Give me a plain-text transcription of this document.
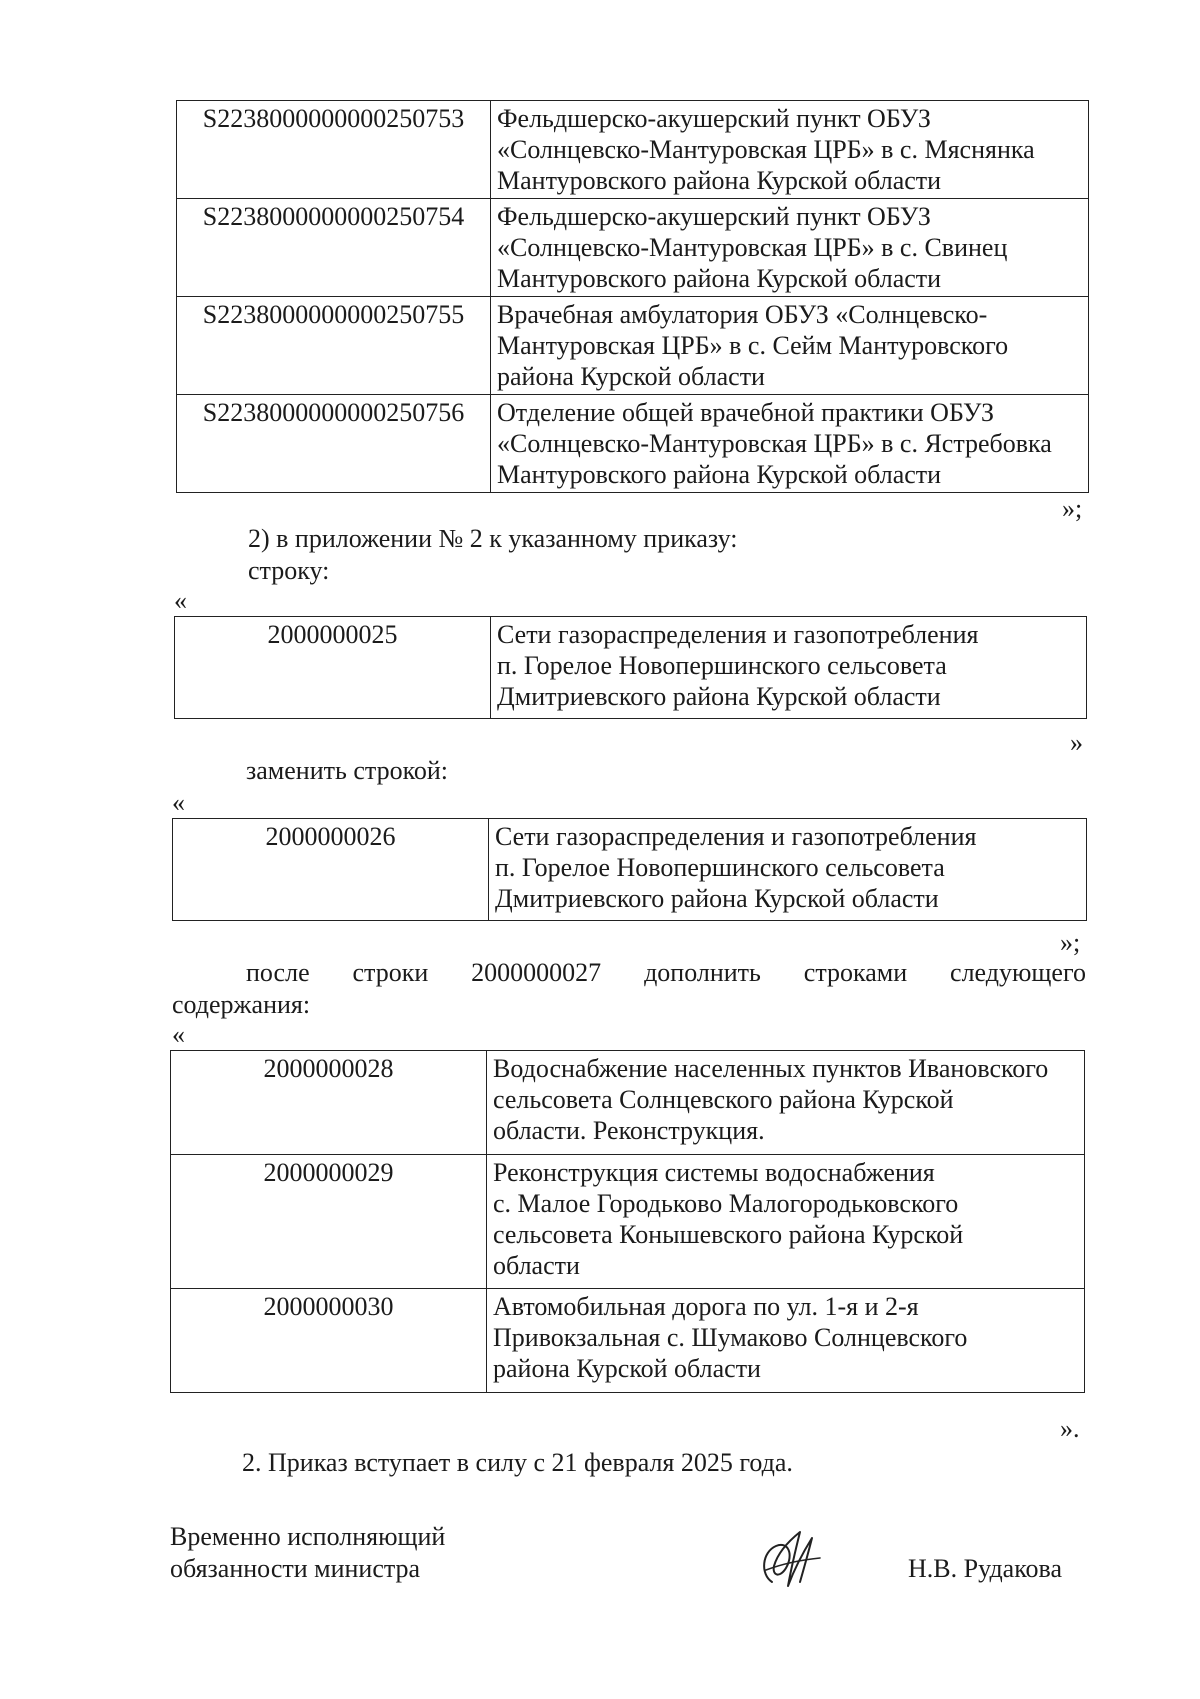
S2238000000000250753	Фельдшерско-акушерский пункт ОБУЗ
«Солнцевско-Мантуровская ЦРБ» в с. Мяснянка
Мантуровского района Курской области
S2238000000000250754	Фельдшерско-акушерский пункт ОБУЗ
«Солнцевско-Мантуровская ЦРБ» в с. Свинец
Мантуровского района Курской области
S2238000000000250755	Врачебная амбулатория ОБУЗ «Солнцевско-
Мантуровская ЦРБ» в с. Сейм Мантуровского
района Курской области
S2238000000000250756	Отделение общей врачебной практики ОБУЗ
«Солнцевско-Мантуровская ЦРБ» в с. Ястребовка
Мантуровского района Курской области
»;
2) в приложении № 2 к указанному приказу:
строку:
«
2000000025	Сети газораспределения и газопотребления
п. Горелое Новопершинского сельсовета
Дмитриевского района Курской области
»
заменить строкой:
«
2000000026	Сети газораспределения и газопотребления
п. Горелое Новопершинского сельсовета
Дмитриевского района Курской области
»;
после строки 2000000027 дополнить строками следующего
содержания:
«
2000000028	Водоснабжение населенных пунктов Ивановского
сельсовета Солнцевского района Курской
области. Реконструкция.
2000000029	Реконструкция системы водоснабжения
с. Малое Городьково Малогородьковского
сельсовета Конышевского района Курской
области
2000000030	Автомобильная дорога по ул. 1-я и 2-я
Привокзальная с. Шумаково Солнцевского
района Курской области
».
2. Приказ вступает в силу с 21 февраля 2025 года.
Временно исполняющий
обязанности министра	Н.В. Рудакова
